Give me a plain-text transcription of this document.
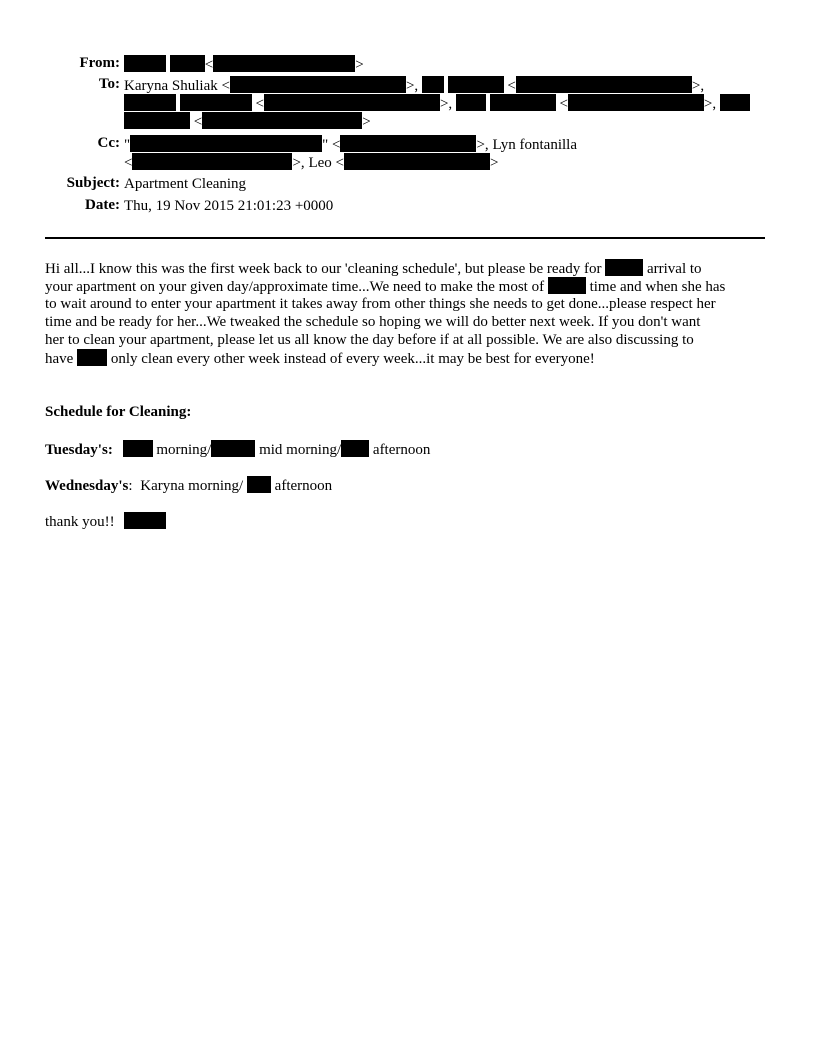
From:	<	>
To: Karyna Shuliak <	>,	<	>,
<	>,	<	>,
<	>
Cc: "	" <	>, Lyn fontanilla
<	>, Leo <	>
Subject: Apartment Cleaning
Date: Thu, 19 Nov 2015 21:01:23 +0000
Hi all...I know this was the first week back to our 'cleaning schedule', but please be ready for	arrival to
your apartment on your given day/approximate time...We need to make the most of	time and when she has
to wait around to enter your apartment it takes away from other things she needs to get done...please respect her
time and be ready for her...We tweaked the schedule so hoping we will do better next week. If you don't want
her to clean your apartment, please let us all know the day before if at all possible. We are also discussing to
have	only clean every other week instead of every week...it may be best for everyone!
Schedule for Cleaning:
Tuesday's:	morning/	mid morning/ afternoon
Wednesday's: Karyna morning/ afternoon
thank you!!
